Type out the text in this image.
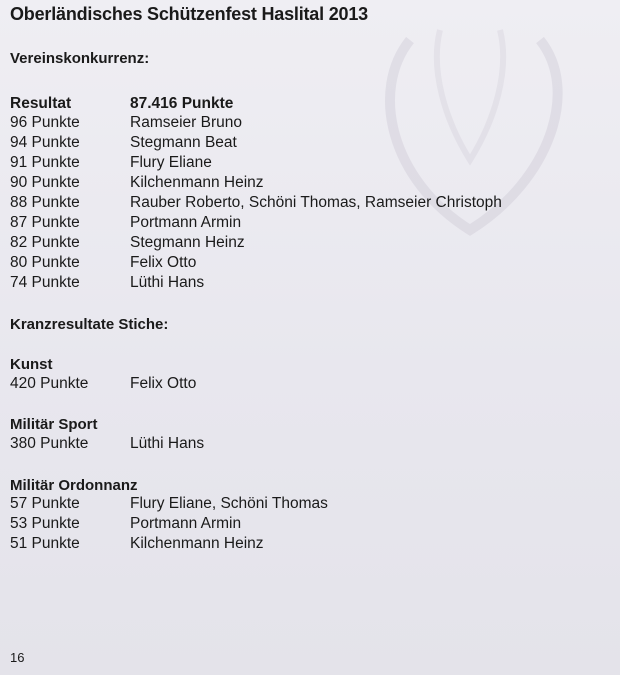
Oberländisches Schützenfest Haslital 2013
Vereinskonkurrenz:
Resultat	87.416 Punkte
96 Punkte	Ramseier Bruno
94 Punkte	Stegmann Beat
91 Punkte	Flury Eliane
90 Punkte	Kilchenmann Heinz
88 Punkte	Rauber Roberto, Schöni Thomas, Ramseier Christoph
87 Punkte	Portmann Armin
82 Punkte	Stegmann Heinz
80 Punkte	Felix Otto
74 Punkte	Lüthi Hans
Kranzresultate Stiche:
Kunst
420 Punkte	Felix Otto
Militär Sport
380 Punkte	Lüthi Hans
Militär Ordonnanz
57 Punkte	Flury Eliane, Schöni Thomas
53 Punkte	Portmann Armin
51 Punkte	Kilchenmann Heinz
16
